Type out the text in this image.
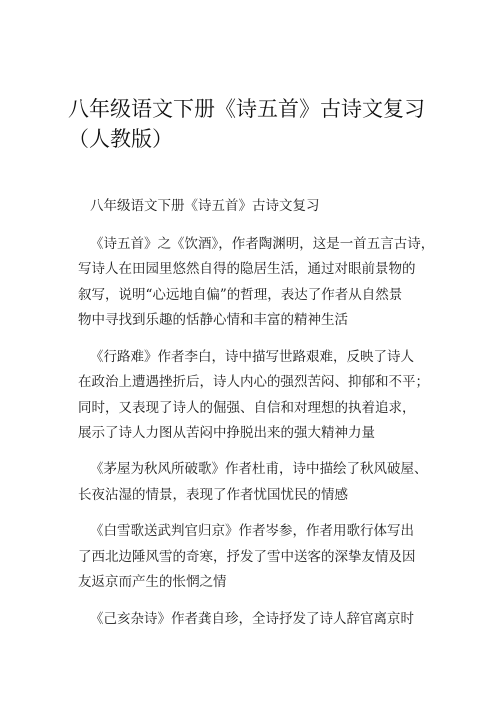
八年级语文下册《诗五首》古诗文复习
（人教版）
八年级语文下册《诗五首》古诗文复习
《诗五首》之《饮酒》，作者陶渊明，这是一首五言古诗，
写诗人在田园里悠然自得的隐居生活，通过对眼前景物的
叙写，说明“心远地自偏”的哲理，表达了作者从自然景
物中寻找到乐趣的恬静心情和丰富的精神生活
《行路难》作者李白，诗中描写世路艰难，反映了诗人
在政治上遭遇挫折后，诗人内心的强烈苦闷、抑郁和不平；
同时，又表现了诗人的倔强、自信和对理想的执着追求，
展示了诗人力图从苦闷中挣脱出来的强大精神力量
《茅屋为秋风所破歌》作者杜甫，诗中描绘了秋风破屋、
长夜沾湿的情景，表现了作者忧国忧民的情感
《白雪歌送武判官归京》作者岑参，作者用歌行体写出
了西北边陲风雪的奇寒，抒发了雪中送客的深挚友情及因
友返京而产生的怅惘之情
《己亥杂诗》作者龚自珍，全诗抒发了诗人辞官离京时
